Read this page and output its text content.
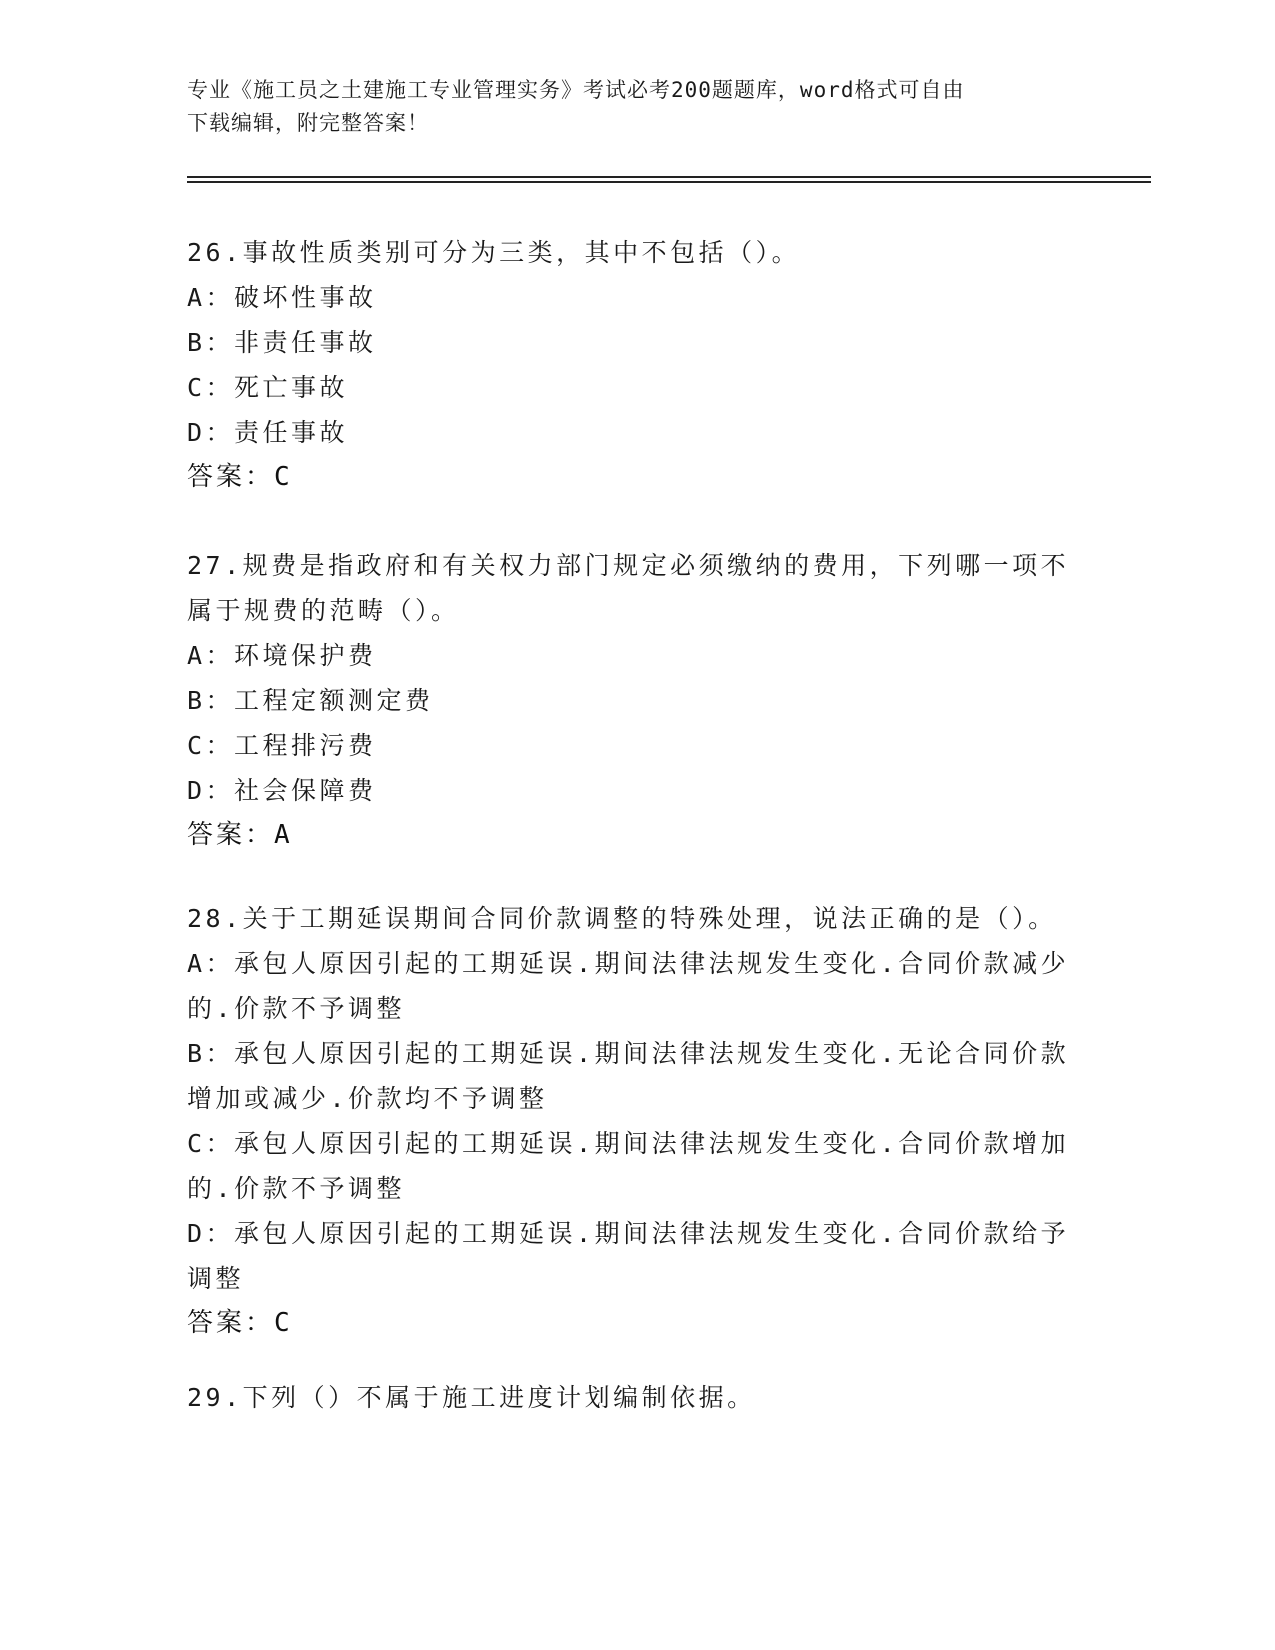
专业《施工员之土建施工专业管理实务》考试必考200题题库，word格式可自由
下载编辑，附完整答案！
26.事故性质类别可分为三类，其中不包括（）。
A：破坏性事故
B：非责任事故
C：死亡事故
D：责任事故
答案：C
27.规费是指政府和有关权力部门规定必须缴纳的费用，下列哪一项不
属于规费的范畴（）。
A：环境保护费
B：工程定额测定费
C：工程排污费
D：社会保障费
答案：A
28.关于工期延误期间合同价款调整的特殊处理，说法正确的是（）。
A：承包人原因引起的工期延误.期间法律法规发生变化.合同价款减少
的.价款不予调整
B：承包人原因引起的工期延误.期间法律法规发生变化.无论合同价款
增加或减少.价款均不予调整
C：承包人原因引起的工期延误.期间法律法规发生变化.合同价款增加
的.价款不予调整
D：承包人原因引起的工期延误.期间法律法规发生变化.合同价款给予
调整
答案：C
29.下列（）不属于施工进度计划编制依据。
